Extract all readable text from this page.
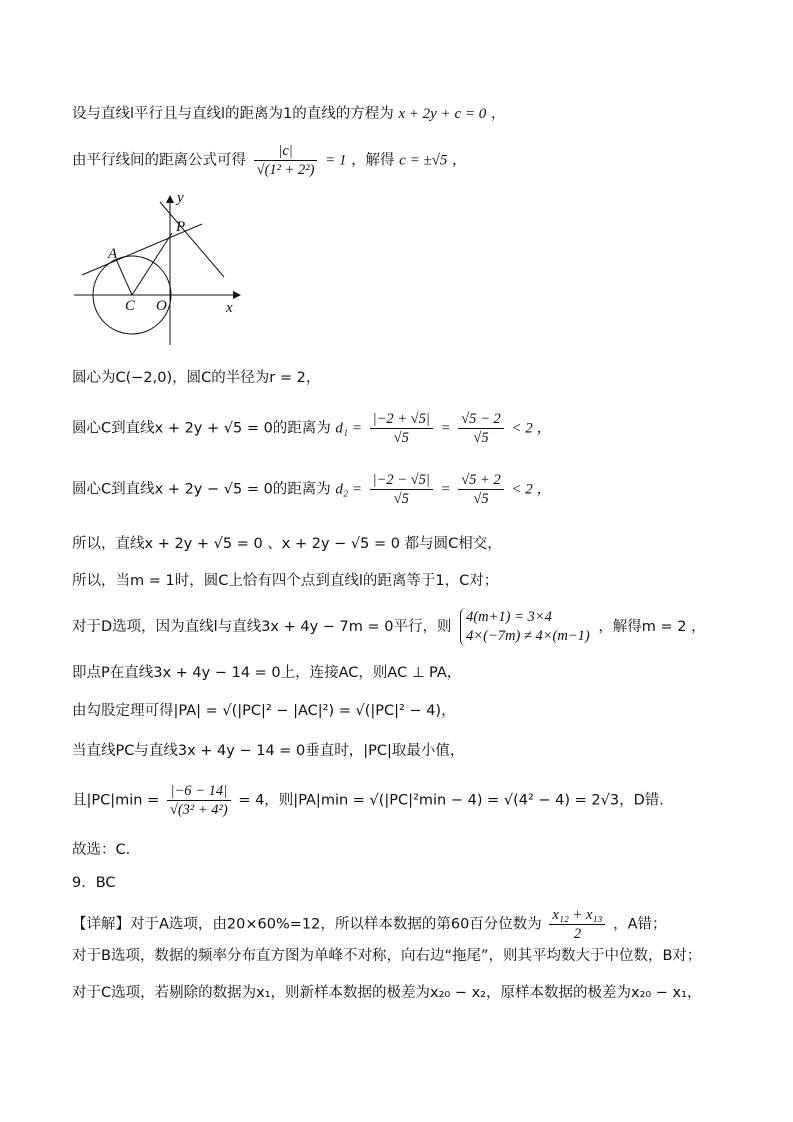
设与直线l平行且与直线l的距离为1的直线的方程为 x + 2y + c = 0 ，
由平行线间的距离公式可得 $\frac{|c|}{\text{√(1² + 2²)}} = 1$ ，解得 c = ±√5 ，
y
x
P
A
C O
圆心为C(−2,0)，圆C的半径为r = 2，
圆心C到直线x + 2y + √5 = 0的距离为 $d_1 = \frac{|-2 + √5|}{√5} = \frac{√5 - 2}{√5} < 2$ ，
圆心C到直线x + 2y − √5 = 0的距离为 $d_2 = \frac{|-2 - √5|}{√5} = \frac{√5 + 2}{√5} < 2$ ，
所以，直线x + 2y + √5 = 0 、x + 2y − √5 = 0 都与圆C相交，
所以，当m = 1时，圆C上恰有四个点到直线l的距离等于1，C对；
对于D选项，因为直线l与直线3x + 4y − 7m = 0平行，则
4(m+1) = 3×4
4×(−7m) ≠ 4×(m−1)
，解得m = 2 ，
即点P在直线3x + 4y − 14 = 0上，连接AC，则AC ⊥ PA，
由勾股定理可得|PA| = √(|PC|² − |AC|²) = √(|PC|² − 4)，
当直线PC与直线3x + 4y − 14 = 0垂直时，|PC|取最小值，
且$|PC|\min = \frac{|-6 - 14|}{\text{√(3² + 4²)}} = 4$，则|PA|min = √(|PC|²min − 4) = √(4² − 4) = 2√3，D错.
故选：C.
9．BC
【详解】对于A选项，由20×60%=12，所以样本数据的第60百分位数为 $\frac{\text{x₁₂ + x₁₃}}{2}$ ，A错；
对于B选项，数据的频率分布直方图为单峰不对称，向右边“拖尾”，则其平均数大于中位数，B对；
对于C选项，若剔除的数据为x₁，则新样本数据的极差为x₂₀ − x₂，原样本数据的极差为x₂₀ − x₁，
